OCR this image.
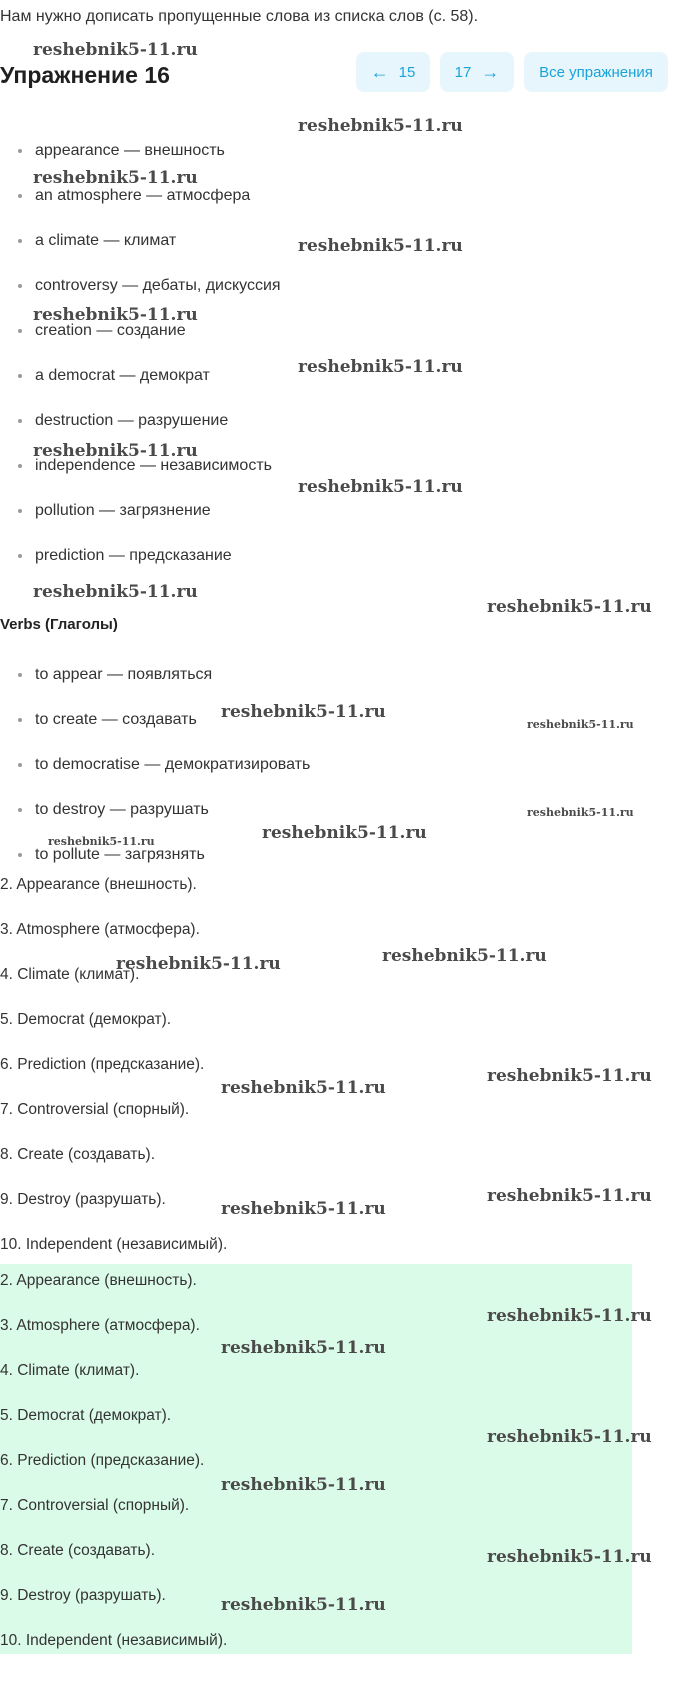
Нам нужно дописать пропущенные слова из списка слов (с. 58).
Упражнение 16	← 15	17 →	Все упражнения
appearance — внешность
an atmosphere — атмосфера
a climate — климат
controversy — дебаты, дискуссия
creation — создание
a democrat — демократ
destruction — разрушение
independence — независимость
pollution — загрязнение
prediction — предсказание
Verbs (Глаголы)
to appear — появляться
to create — создавать
to democratise — демократизировать
to destroy — разрушать
to pollute — загрязнять
2. Appearance (внешность).
3. Atmosphere (атмосфера).
4. Climate (климат).
5. Democrat (демократ).
6. Prediction (предсказание).
7. Controversial (спорный).
8. Create (создавать).
9. Destroy (разрушать).
10. Independent (независимый).
2. Appearance (внешность).
3. Atmosphere (атмосфера).
4. Climate (климат).
5. Democrat (демократ).
6. Prediction (предсказание).
7. Controversial (спорный).
8. Create (создавать).
9. Destroy (разрушать).
10. Independent (независимый).
reshebnik5-11.ru
reshebnik5-11.ru
reshebnik5-11.ru
reshebnik5-11.ru
reshebnik5-11.ru
reshebnik5-11.ru
reshebnik5-11.ru
reshebnik5-11.ru
reshebnik5-11.ru
reshebnik5-11.ru
reshebnik5-11.ru
reshebnik5-11.ru
reshebnik5-11.ru
reshebnik5-11.ru	reshebnik5-11.ru
reshebnik5-11.ru
reshebnik5-11.ru
reshebnik5-11.ru
reshebnik5-11.ru
reshebnik5-11.ru
reshebnik5-11.ru
reshebnik5-11.ru
reshebnik5-11.ru
reshebnik5-11.ru
reshebnik5-11.ru
reshebnik5-11.ru
reshebnik5-11.ru
